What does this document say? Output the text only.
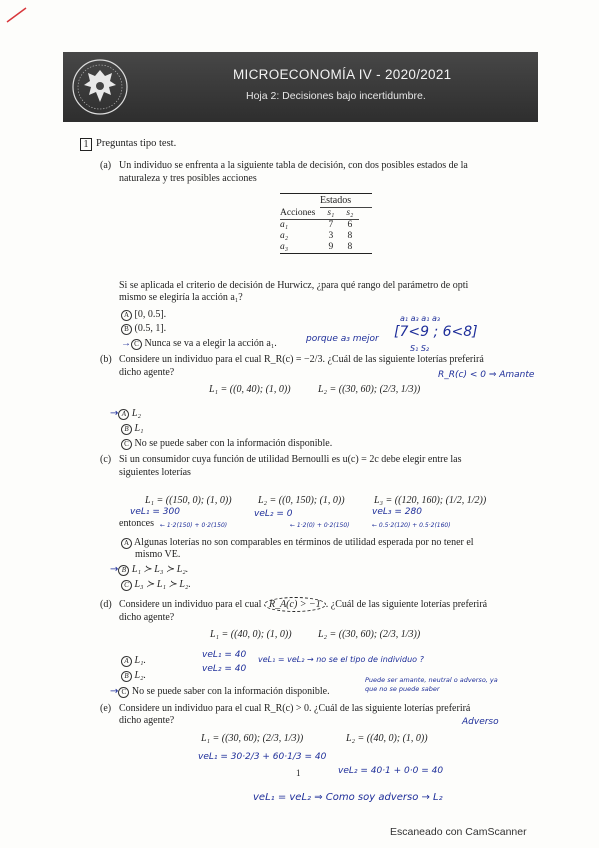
MICROECONOMÍA IV - 2020/2021
Hoja 2: Decisiones bajo incertidumbre.
1 Preguntas tipo test.
(a) Un individuo se enfrenta a la siguiente tabla de decisión, con dos posibles estados de la
naturaleza y tres posibles acciones
Estados
Acciones	s₁	s₂

a₁	7	6
a₂	3	8
a₃	9	8
Si se aplicada el criterio de decisión de Hurwicz, ¿para qué rango del parámetro de opti
mismo se elegiría la acción a₁?
A [0, 0.5].
B (0.5, 1].
→ C Nunca se va a elegir la acción a₁.	porque a₃ mejor
a₁ a₃ a₁ a₃
[7<9 ; 6<8]
S₁ S₂
(b) Considere un individuo para el cual R_R(c) = −2/3. ¿Cuál de las siguiente loterías preferirá
dicho agente?
L₁ = ((0, 40); (1, 0))	L₂ = ((30, 60); (2/3, 1/3))
R_R(c) < 0 ⇒ Amante
→ A L₂
B L₁
C No se puede saber con la información disponible.
(c) Si un consumidor cuya función de utilidad Bernoulli es u(c) = 2c debe elegir entre las
siguientes loterías
L₁ = ((150, 0); (1, 0))	L₂ = ((0, 150); (1, 0))	L₃ = ((120, 160); (1/2, 1/2))
veL₁ = 300	veL₂ = 0	veL₃ = 280
entonces ← 1·2(150) + 0·2(150)	← 1·2(0) + 0·2(150)	← 0.5·2(120) + 0.5·2(160)
A Algunas loterías no son comparables en términos de utilidad esperada por no tener el
mismo VE.
→ B L₁ ≻ L₃ ≻ L₂.
C L₃ ≻ L₁ ≻ L₂.
(d) Considere un individuo para el cual R_A(c) > −1 . ¿Cuál de las siguiente loterías preferirá
dicho agente?
L₁ = ((40, 0); (1, 0))	L₂ = ((30, 60); (2/3, 1/3))
A L₁.
B L₂.
→ C No se puede saber con la información disponible.
veL₁ = 40
veL₂ = 40
veL₁ = veL₂ → no se el tipo de individuo ?
Puede ser amante, neutral o adverso, ya
que no se puede saber
(e) Considere un individuo para el cual R_R(c) > 0. ¿Cuál de las siguiente loterías preferirá
dicho agente?	Adverso
L₁ = ((30, 60); (2/3, 1/3))	L₂ = ((40, 0); (1, 0))
veL₁ = 30·2/3 + 60·1/3 = 40
1	veL₂ = 40·1 + 0·0 = 40
veL₁ = veL₂ ⇒ Como soy adverso → L₂
Escaneado con CamScanner
